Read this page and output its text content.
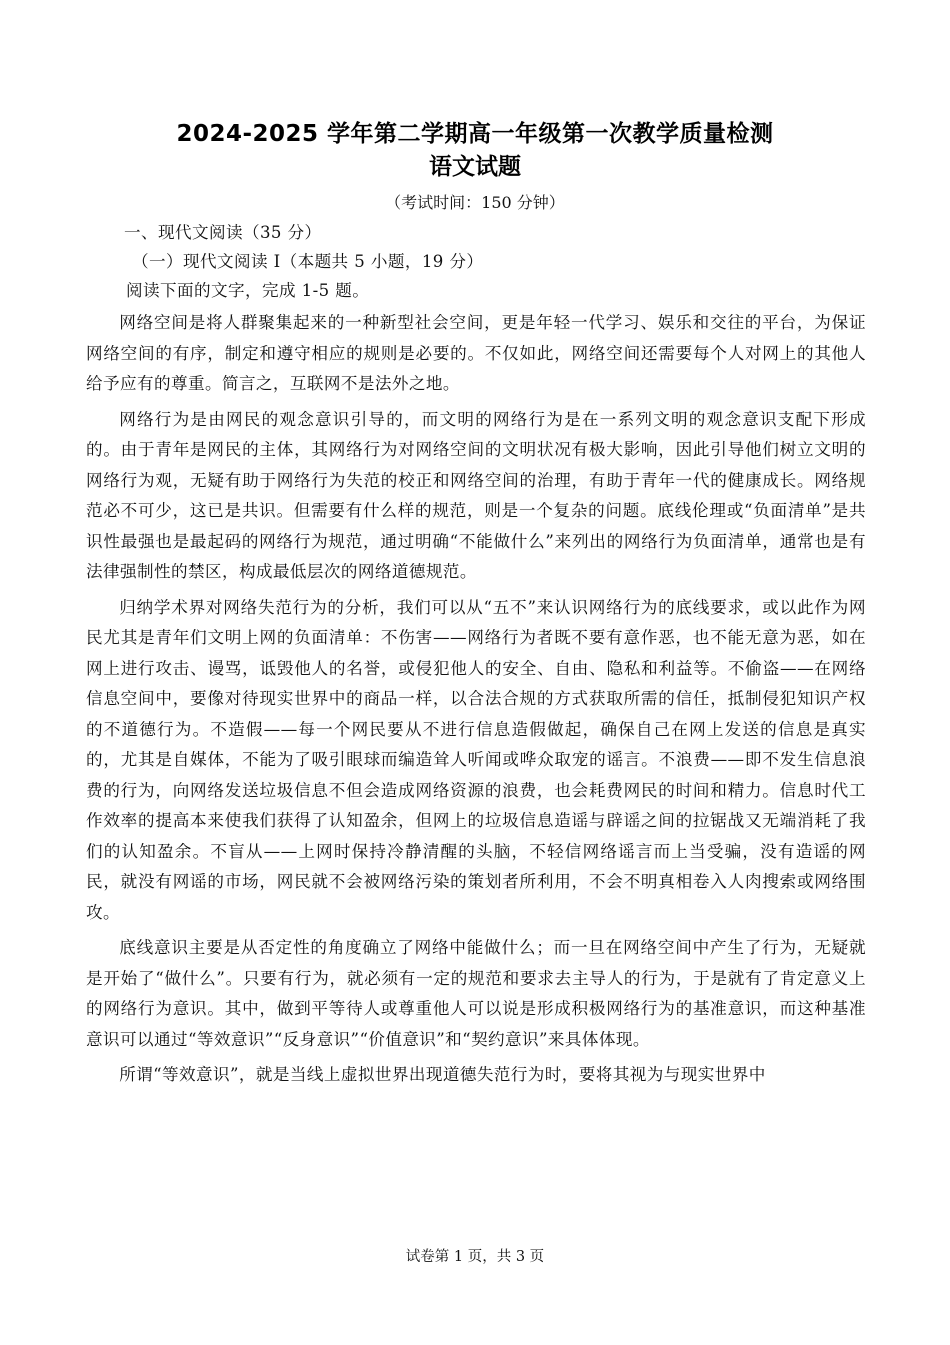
2024-2025 学年第二学期高一年级第一次教学质量检测
语文试题
（考试时间：150 分钟）

一、现代文阅读（35 分）

（一）现代文阅读 I（本题共 5 小题，19 分）

阅读下面的文字，完成 1-5 题。

网络空间是将人群聚集起来的一种新型社会空间，更是年轻一代学习、娱乐和交往的平台，为保证网络空间的有序，制定和遵守相应的规则是必要的。不仅如此，网络空间还需要每个人对网上的其他人给予应有的尊重。简言之，互联网不是法外之地。

网络行为是由网民的观念意识引导的，而文明的网络行为是在一系列文明的观念意识支配下形成的。由于青年是网民的主体，其网络行为对网络空间的文明状况有极大影响，因此引导他们树立文明的网络行为观，无疑有助于网络行为失范的校正和网络空间的治理，有助于青年一代的健康成长。网络规范必不可少，这已是共识。但需要有什么样的规范，则是一个复杂的问题。底线伦理或“负面清单”是共识性最强也是最起码的网络行为规范，通过明确“不能做什么”来列出的网络行为负面清单，通常也是有法律强制性的禁区，构成最低层次的网络道德规范。

归纳学术界对网络失范行为的分析，我们可以从“五不”来认识网络行为的底线要求，或以此作为网民尤其是青年们文明上网的负面清单：不伤害——网络行为者既不要有意作恶，也不能无意为恶，如在网上进行攻击、谩骂，诋毁他人的名誉，或侵犯他人的安全、自由、隐私和利益等。不偷盗——在网络信息空间中，要像对待现实世界中的商品一样，以合法合规的方式获取所需的信任，抵制侵犯知识产权的不道德行为。不造假——每一个网民要从不进行信息造假做起，确保自己在网上发送的信息是真实的，尤其是自媒体，不能为了吸引眼球而编造耸人听闻或哗众取宠的谣言。不浪费——即不发生信息浪费的行为，向网络发送垃圾信息不但会造成网络资源的浪费，也会耗费网民的时间和精力。信息时代工作效率的提高本来使我们获得了认知盈余，但网上的垃圾信息造谣与辟谣之间的拉锯战又无端消耗了我们的认知盈余。不盲从——上网时保持冷静清醒的头脑，不轻信网络谣言而上当受骗，没有造谣的网民，就没有网谣的市场，网民就不会被网络污染的策划者所利用，不会不明真相卷入人肉搜索或网络围攻。

底线意识主要是从否定性的角度确立了网络中能做什么；而一旦在网络空间中产生了行为，无疑就是开始了“做什么”。只要有行为，就必须有一定的规范和要求去主导人的行为，于是就有了肯定意义上的网络行为意识。其中，做到平等待人或尊重他人可以说是形成积极网络行为的基准意识，而这种基准意识可以通过“等效意识”“反身意识”“价值意识”和“契约意识”来具体体现。

所谓“等效意识”，就是当线上虚拟世界出现道德失范行为时，要将其视为与现实世界中

试卷第 1 页，共 3 页
